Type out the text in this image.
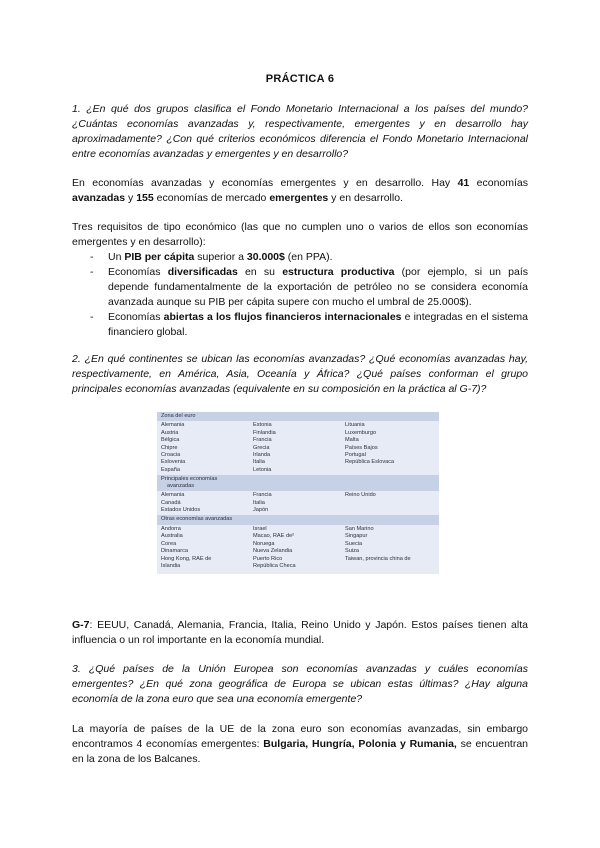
PRÁCTICA 6
1. ¿En qué dos grupos clasifica el Fondo Monetario Internacional a los países del mundo? ¿Cuántas economías avanzadas y, respectivamente, emergentes y en desarrollo hay aproximadamente? ¿Con qué criterios económicos diferencia el Fondo Monetario Internacional entre economías avanzadas y emergentes y en desarrollo?
En economías avanzadas y economías emergentes y en desarrollo. Hay 41 economías avanzadas y 155 economías de mercado emergentes y en desarrollo.
Tres requisitos de tipo económico (las que no cumplen uno o varios de ellos son economías emergentes y en desarrollo):
- Un PIB per cápita superior a 30.000$ (en PPA).
- Economías diversificadas en su estructura productiva (por ejemplo, si un país depende fundamentalmente de la exportación de petróleo no se considera economía avanzada aunque su PIB per cápita supere con mucho el umbral de 25.000$).
- Economías abiertas a los flujos financieros internacionales e integradas en el sistema financiero global.
2. ¿En qué continentes se ubican las economías avanzadas? ¿Qué economías avanzadas hay, respectivamente, en América, Asia, Oceanía y África? ¿Qué países conforman el grupo principales economías avanzadas (equivalente en su composición en la práctica al G-7)?
Zona del euro
Alemania
Austria
Bélgica
Chipre
Croacia
Eslovenia
España
Estonia
Finlandia
Francia
Grecia
Irlanda
Italia
Letonia
Lituania
Luxemburgo
Malta
Países Bajos
Portugal
República Eslovaca
Principales economías
avanzadas
Alemania
Canadá
Estados Unidos
Francia
Italia
Japón
Reino Unido
Otras economías avanzadas
Andorra
Australia
Corea
Dinamarca
Hong Kong, RAE de
Islandia
Israel
Macao, RAE de²
Noruega
Nueva Zelandia
Puerto Rico
República Checa
San Marino
Singapur
Suecia
Suiza
Taiwan, provincia china de
G-7: EEUU, Canadá, Alemania, Francia, Italia, Reino Unido y Japón. Estos países tienen alta influencia o un rol importante en la economía mundial.
3. ¿Qué países de la Unión Europea son economías avanzadas y cuáles economías emergentes? ¿En qué zona geográfica de Europa se ubican estas últimas? ¿Hay alguna economía de la zona euro que sea una economía emergente?
La mayoría de países de la UE de la zona euro son economías avanzadas, sin embargo encontramos 4 economías emergentes: Bulgaria, Hungría, Polonia y Rumania, se encuentran en la zona de los Balcanes.
